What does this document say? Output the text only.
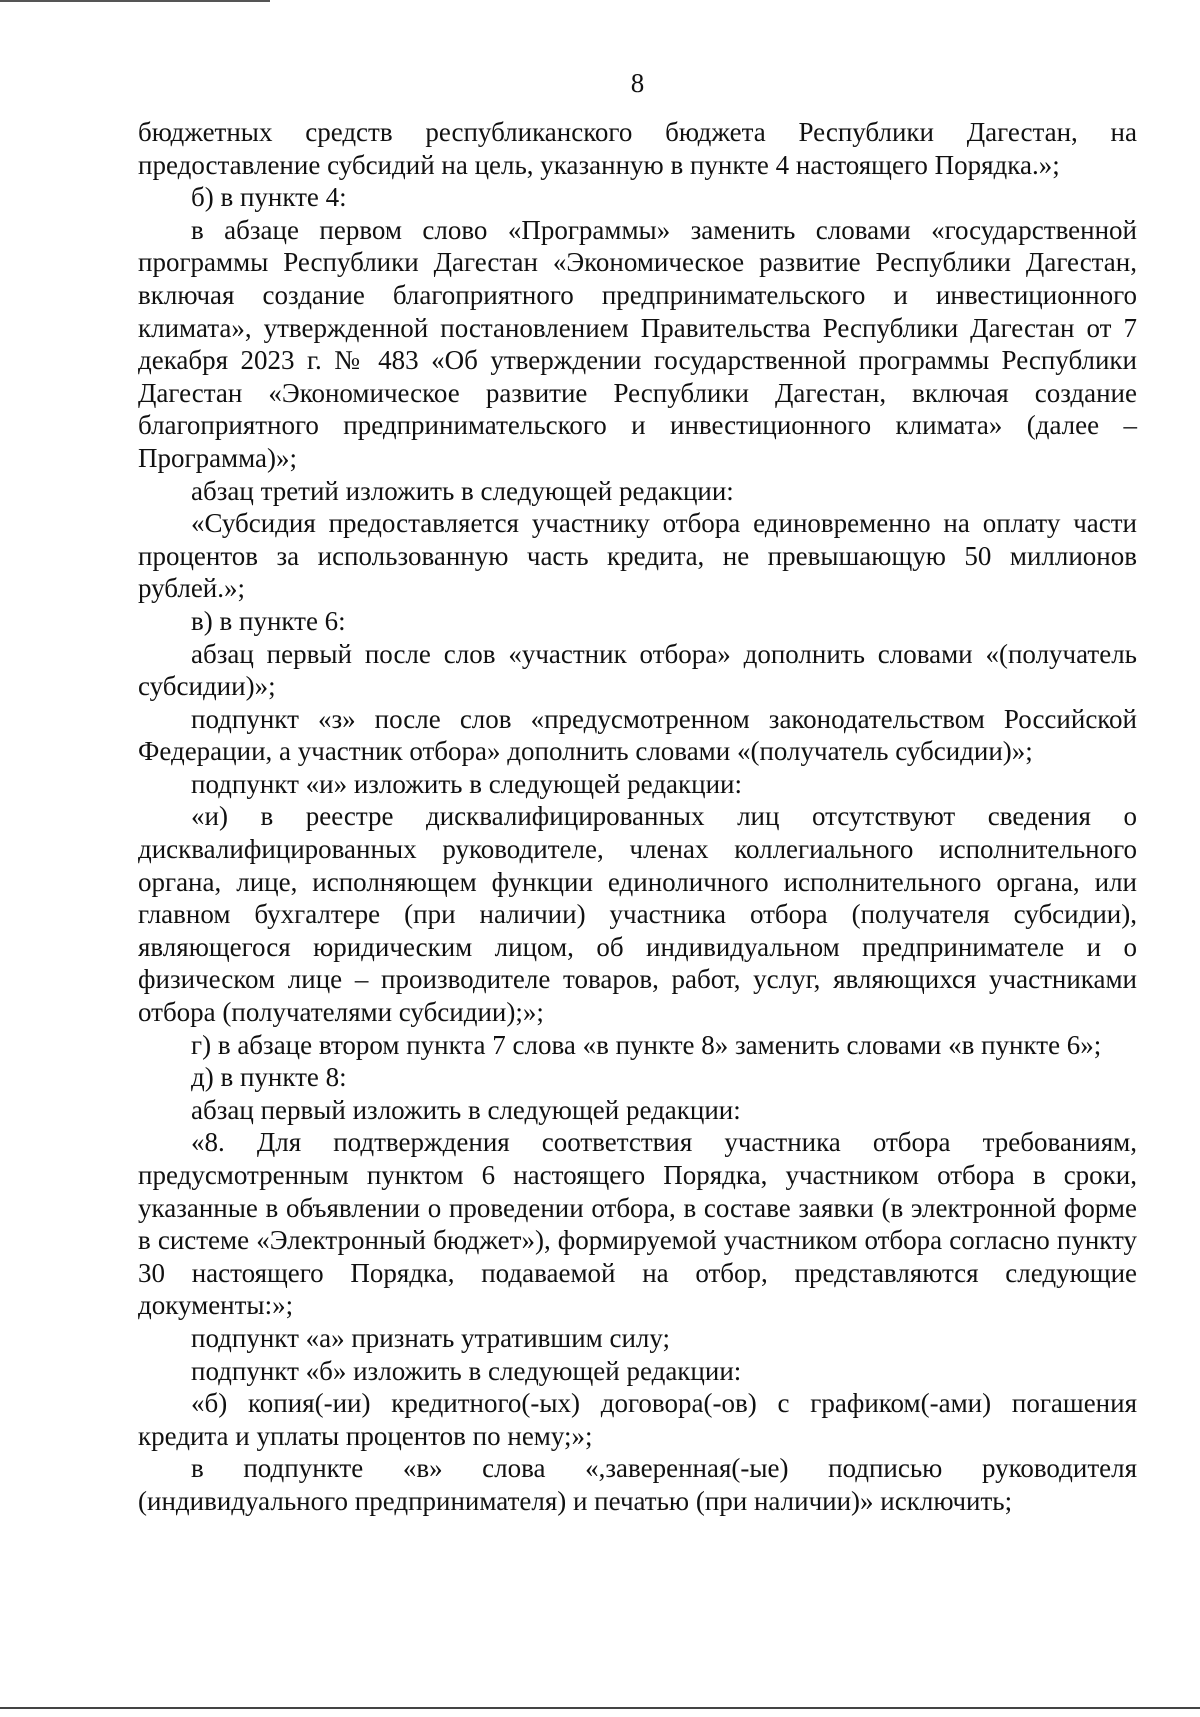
8

бюджетных средств республиканского бюджета Республики Дагестан, на предоставление субсидий на цель, указанную в пункте 4 настоящего Порядка.»;

б) в пункте 4:

в абзаце первом слово «Программы» заменить словами «государственной программы Республики Дагестан «Экономическое развитие Республики Дагестан, включая создание благоприятного предпринимательского и инвестиционного климата», утвержденной постановлением Правительства Республики Дагестан от 7 декабря 2023 г. № 483 «Об утверждении государственной программы Республики Дагестан «Экономическое развитие Республики Дагестан, включая создание благоприятного предпринимательского и инвестиционного климата» (далее – Программа)»;

абзац третий изложить в следующей редакции:

«Субсидия предоставляется участнику отбора единовременно на оплату части процентов за использованную часть кредита, не превышающую 50 миллионов рублей.»;

в) в пункте 6:

абзац первый после слов «участник отбора» дополнить словами «(получатель субсидии)»;

подпункт «з» после слов «предусмотренном законодательством Российской Федерации, а участник отбора» дополнить словами «(получатель субсидии)»;

подпункт «и» изложить в следующей редакции:

«и) в реестре дисквалифицированных лиц отсутствуют сведения о дисквалифицированных руководителе, членах коллегиального исполнительного органа, лице, исполняющем функции единоличного исполнительного органа, или главном бухгалтере (при наличии) участника отбора (получателя субсидии), являющегося юридическим лицом, об индивидуальном предпринимателе и о физическом лице – производителе товаров, работ, услуг, являющихся участниками отбора (получателями субсидии);»;

г) в абзаце втором пункта 7 слова «в пункте 8» заменить словами «в пункте 6»;

д) в пункте 8:

абзац первый изложить в следующей редакции:

«8. Для подтверждения соответствия участника отбора требованиям, предусмотренным пунктом 6 настоящего Порядка, участником отбора в сроки, указанные в объявлении о проведении отбора, в составе заявки (в электронной форме в системе «Электронный бюджет»), формируемой участником отбора согласно пункту 30 настоящего Порядка, подаваемой на отбор, представляются следующие документы:»;

подпункт «а» признать утратившим силу;

подпункт «б» изложить в следующей редакции:

«б) копия(-ии) кредитного(-ых) договора(-ов) с графиком(-ами) погашения кредита и уплаты процентов по нему;»;

в подпункте «в» слова «,заверенная(-ые) подписью руководителя (индивидуального предпринимателя) и печатью (при наличии)» исключить;
